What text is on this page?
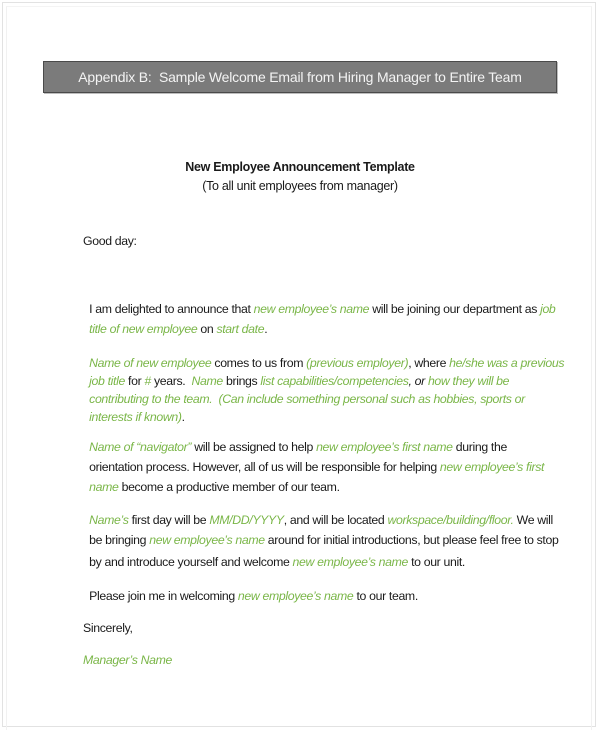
Appendix B:  Sample Welcome Email from Hiring Manager to Entire Team
New Employee Announcement Template
(To all unit employees from manager)
Good day:

I am delighted to announce that new employee’s name will be joining our department as job

title of new employee on start date.

Name of new employee comes to us from (previous employer), where he/she was a previous

job title for # years.  Name brings list capabilities/competencies, or how they will be

contributing to the team.  (Can include something personal such as hobbies, sports or

interests if known).

Name of “navigator” will be assigned to help new employee’s first name during the

orientation process. However, all of us will be responsible for helping new employee’s first

name become a productive member of our team.

Name’s first day will be MM/DD/YYYY, and will be located workspace/building/floor. We will

be bringing new employee’s name around for initial introductions, but please feel free to stop

by and introduce yourself and welcome new employee’s name to our unit.

Please join me in welcoming new employee’s name to our team.

Sincerely,
Manager’s Name
